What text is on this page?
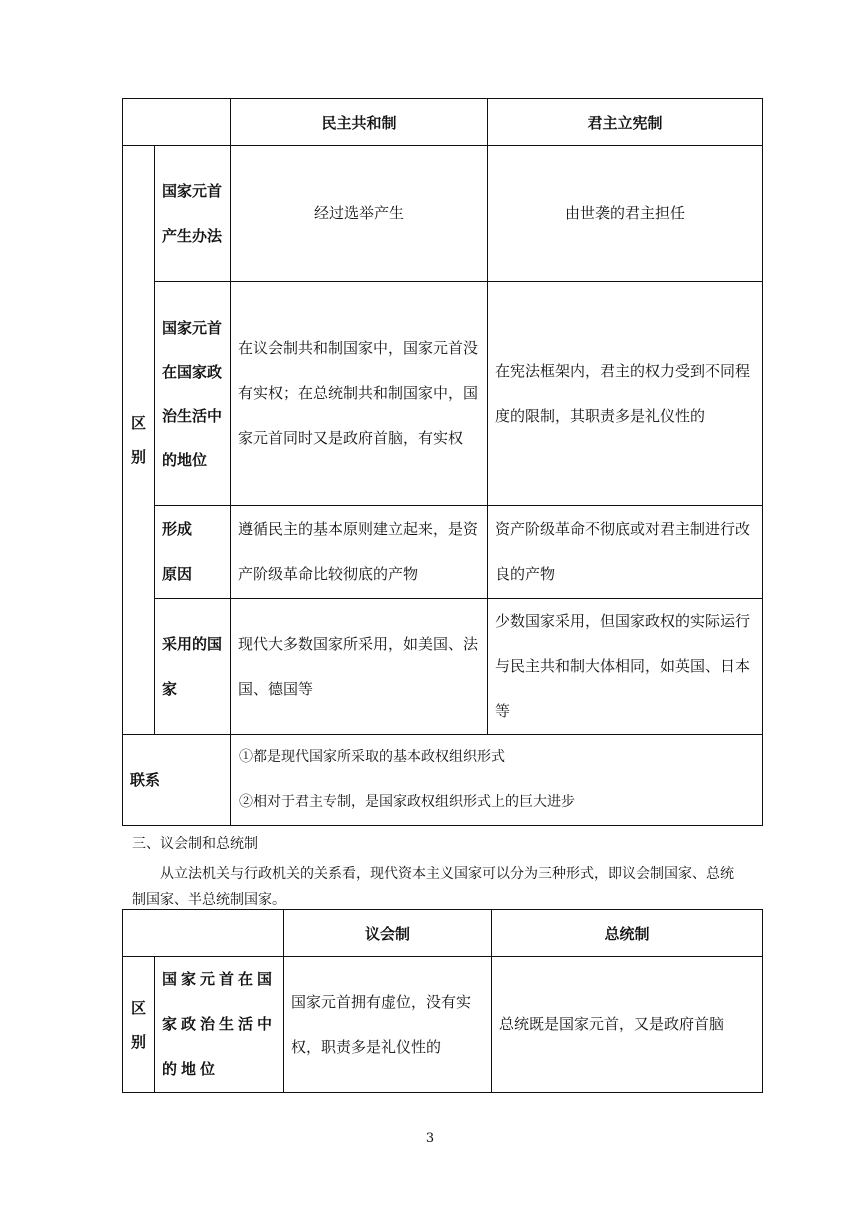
		民主共和制	君主立宪制

区别	国家元首产生办法	经过选举产生	由世袭的君主担任

	国家元首在国家政治生活中的地位	在议会制共和制国家中，国家元首没有实权；在总统制共和制国家中，国家元首同时又是政府首脑，有实权	在宪法框架内，君主的权力受到不同程度的限制，其职责多是礼仪性的

	形成原因	遵循民主的基本原则建立起来，是资产阶级革命比较彻底的产物	资产阶级革命不彻底或对君主制进行改良的产物

	采用的国家	现代大多数国家所采用，如美国、法国、德国等	少数国家采用，但国家政权的实际运行与民主共和制大体相同，如英国、日本等
联系		①都是现代国家所采取的基本政权组织形式
②相对于君主专制，是国家政权组织形式上的巨大进步	
三、议会制和总统制
从立法机关与行政机关的关系看，现代资本主义国家可以分为三种形式，即议会制国家、总统制国家、半总统制国家。
		议会制	总统制

区别	国家元首在国家政治生活中的地位	国家元首拥有虚位，没有实权，职责多是礼仪性的	总统既是国家元首，又是政府首脑
3
